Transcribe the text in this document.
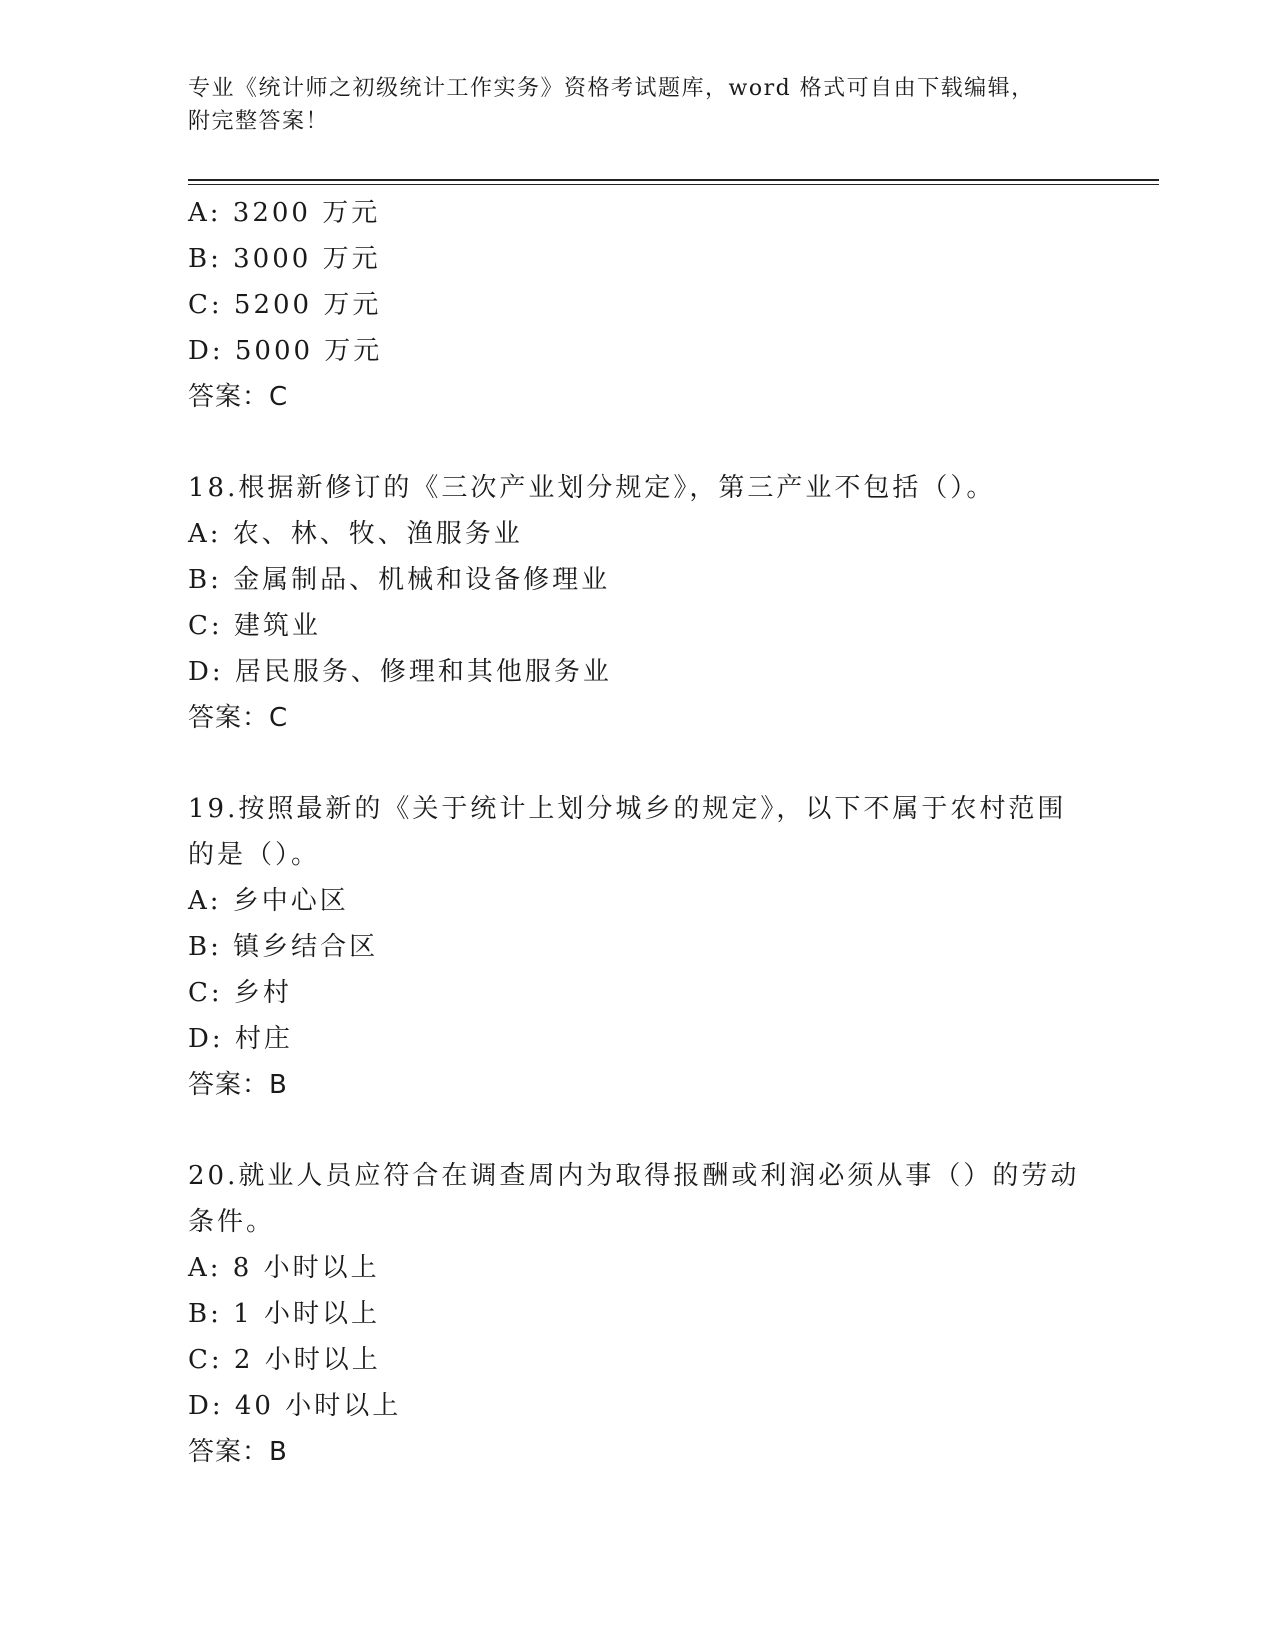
专业《统计师之初级统计工作实务》资格考试题库，word 格式可自由下载编辑，
附完整答案！
A: 3200 万元
B: 3000 万元
C: 5200 万元
D: 5000 万元
答案：C
18.根据新修订的《三次产业划分规定》，第三产业不包括（）。
A: 农、林、牧、渔服务业
B: 金属制品、机械和设备修理业
C: 建筑业
D: 居民服务、修理和其他服务业
答案：C
19.按照最新的《关于统计上划分城乡的规定》，以下不属于农村范围
的是（）。
A: 乡中心区
B: 镇乡结合区
C: 乡村
D: 村庄
答案：B
20.就业人员应符合在调查周内为取得报酬或利润必须从事（）的劳动
条件。
A: 8 小时以上
B: 1 小时以上
C: 2 小时以上
D: 40 小时以上
答案：B
